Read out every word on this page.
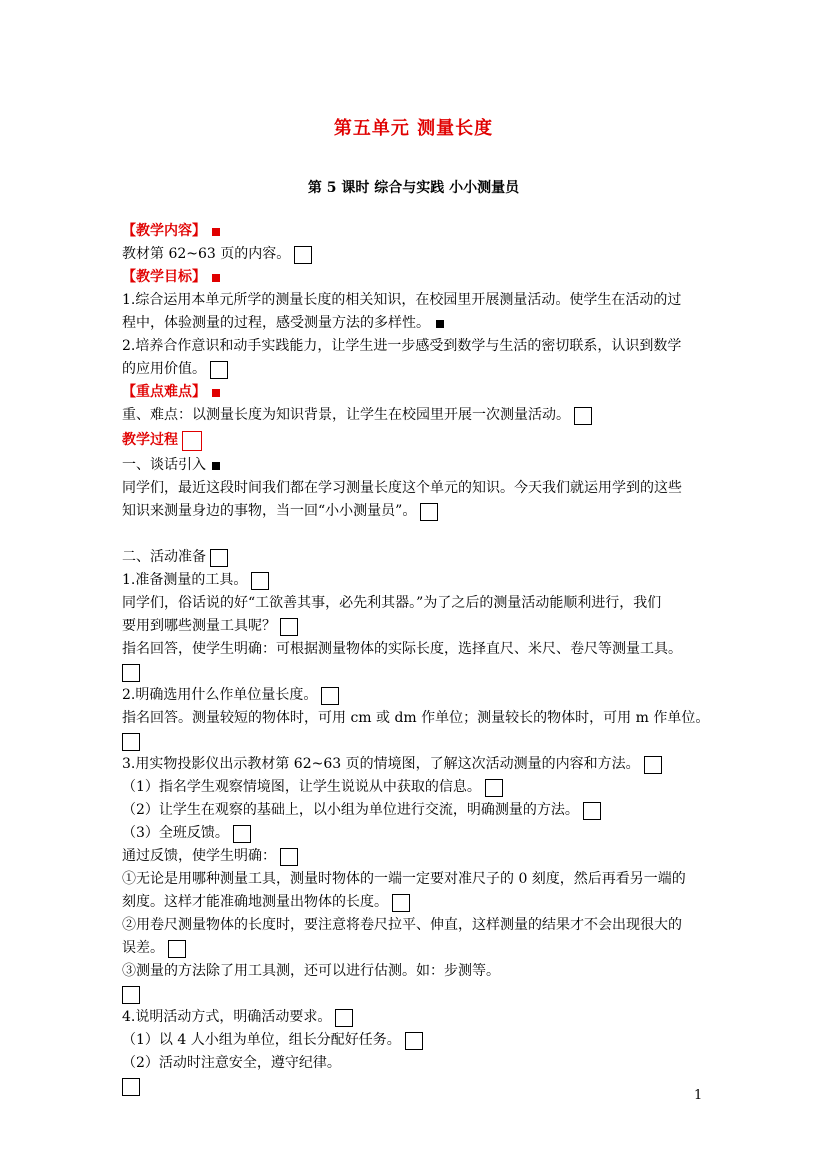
第五单元 测量长度
第 5 课时 综合与实践 小小测量员
【教学内容】
教材第 62~63 页的内容。
【教学目标】
1.综合运用本单元所学的测量长度的相关知识，在校园里开展测量活动。使学生在活动的过
程中，体验测量的过程，感受测量方法的多样性。
2.培养合作意识和动手实践能力，让学生进一步感受到数学与生活的密切联系，认识到数学
的应用价值。
【重点难点】
重、难点：以测量长度为知识背景，让学生在校园里开展一次测量活动。
教学过程
一、谈话引入
同学们，最近这段时间我们都在学习测量长度这个单元的知识。今天我们就运用学到的这些
知识来测量身边的事物，当一回“小小测量员”。
二、活动准备
1.准备测量的工具。
同学们，俗话说的好“工欲善其事，必先利其器。”为了之后的测量活动能顺利进行，我们
要用到哪些测量工具呢？
指名回答，使学生明确：可根据测量物体的实际长度，选择直尺、米尺、卷尺等测量工具。
2.明确选用什么作单位量长度。
指名回答。测量较短的物体时，可用 cm 或 dm 作单位；测量较长的物体时，可用 m 作单位。
3.用实物投影仪出示教材第 62~63 页的情境图，了解这次活动测量的内容和方法。
（1）指名学生观察情境图，让学生说说从中获取的信息。
（2）让学生在观察的基础上，以小组为单位进行交流，明确测量的方法。
（3）全班反馈。
通过反馈，使学生明确：
①无论是用哪种测量工具，测量时物体的一端一定要对准尺子的 0 刻度，然后再看另一端的
刻度。这样才能准确地测量出物体的长度。
②用卷尺测量物体的长度时，要注意将卷尺拉平、伸直，这样测量的结果才不会出现很大的
误差。
③测量的方法除了用工具测，还可以进行估测。如：步测等。
4.说明活动方式，明确活动要求。
（1）以 4 人小组为单位，组长分配好任务。
（2）活动时注意安全，遵守纪律。
1
